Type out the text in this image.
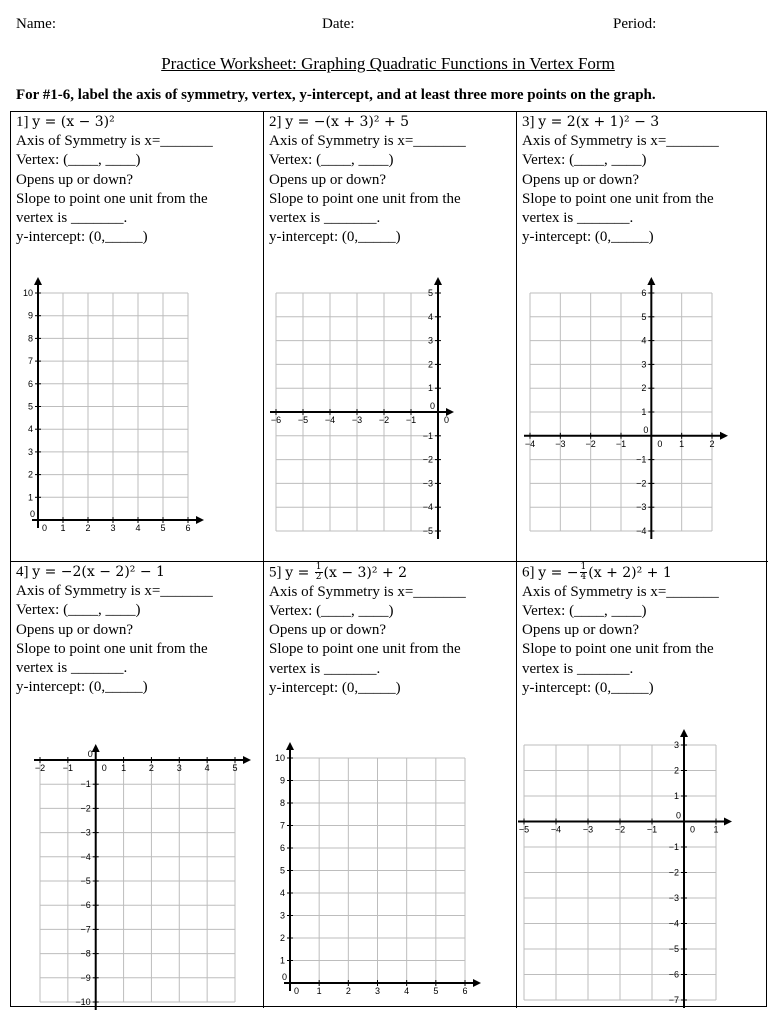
Name:	Date:	Period:
Practice Worksheet: Graphing Quadratic Functions in Vertex Form
For #1-6, label the axis of symmetry, vertex, y-intercept, and at least three more points on the graph.
1] y = (x − 3)²
Axis of Symmetry is x=_______
Vertex: (____, ____)
Opens up or down?
Slope to point one unit from the
vertex is _______.
y-intercept: (0,_____)
0 1 2 3 4 5 6
0
1
2
3
4
5
6
7
8
9
10
2] y = −(x + 3)² + 5
Axis of Symmetry is x=_______
Vertex: (____, ____)
Opens up or down?
Slope to point one unit from the
vertex is _______.
y-intercept: (0,_____)
−6 −5 −4 −3 −2 −1	0
−5
−4
−3
−2
−1
0
1
2
3
4
5
3] y = 2(x + 1)² − 3
Axis of Symmetry is x=_______
Vertex: (____, ____)
Opens up or down?
Slope to point one unit from the
vertex is _______.
y-intercept: (0,_____)
−4 −3 −2 −1	0 1	2
−4
−3
−2
−1
0
1
2
3
4
5
6
4] y = −2(x − 2)² − 1
Axis of Symmetry is x=_______
Vertex: (____, ____)
Opens up or down?
Slope to point one unit from the
vertex is _______.
y-intercept: (0,_____)
−2 −1	0 1	2	3	4	5
−10
−9
−8
−7
−6
−5
−4
−3
−2
−1
0
5] $y = \frac{1}{2} (x - 3)^2 + 2$
Axis of Symmetry is x=_______
Vertex: (____, ____)
Opens up or down?
Slope to point one unit from the
vertex is _______.
y-intercept: (0,_____)
0 1	2	3	4	5	6
0
1
2
3
4
5
6
7
8
9
10
6] y = − $\frac{1}{4} (x + 2)^2 + 1$
Axis of Symmetry is x=_______
Vertex: (____, ____)
Opens up or down?
Slope to point one unit from the
vertex is _______.
y-intercept: (0,_____)
−5 −4 −3 −2 −1	0 1
−7
−6
−5
−4
−3
−2
−1
0
1
2
3
